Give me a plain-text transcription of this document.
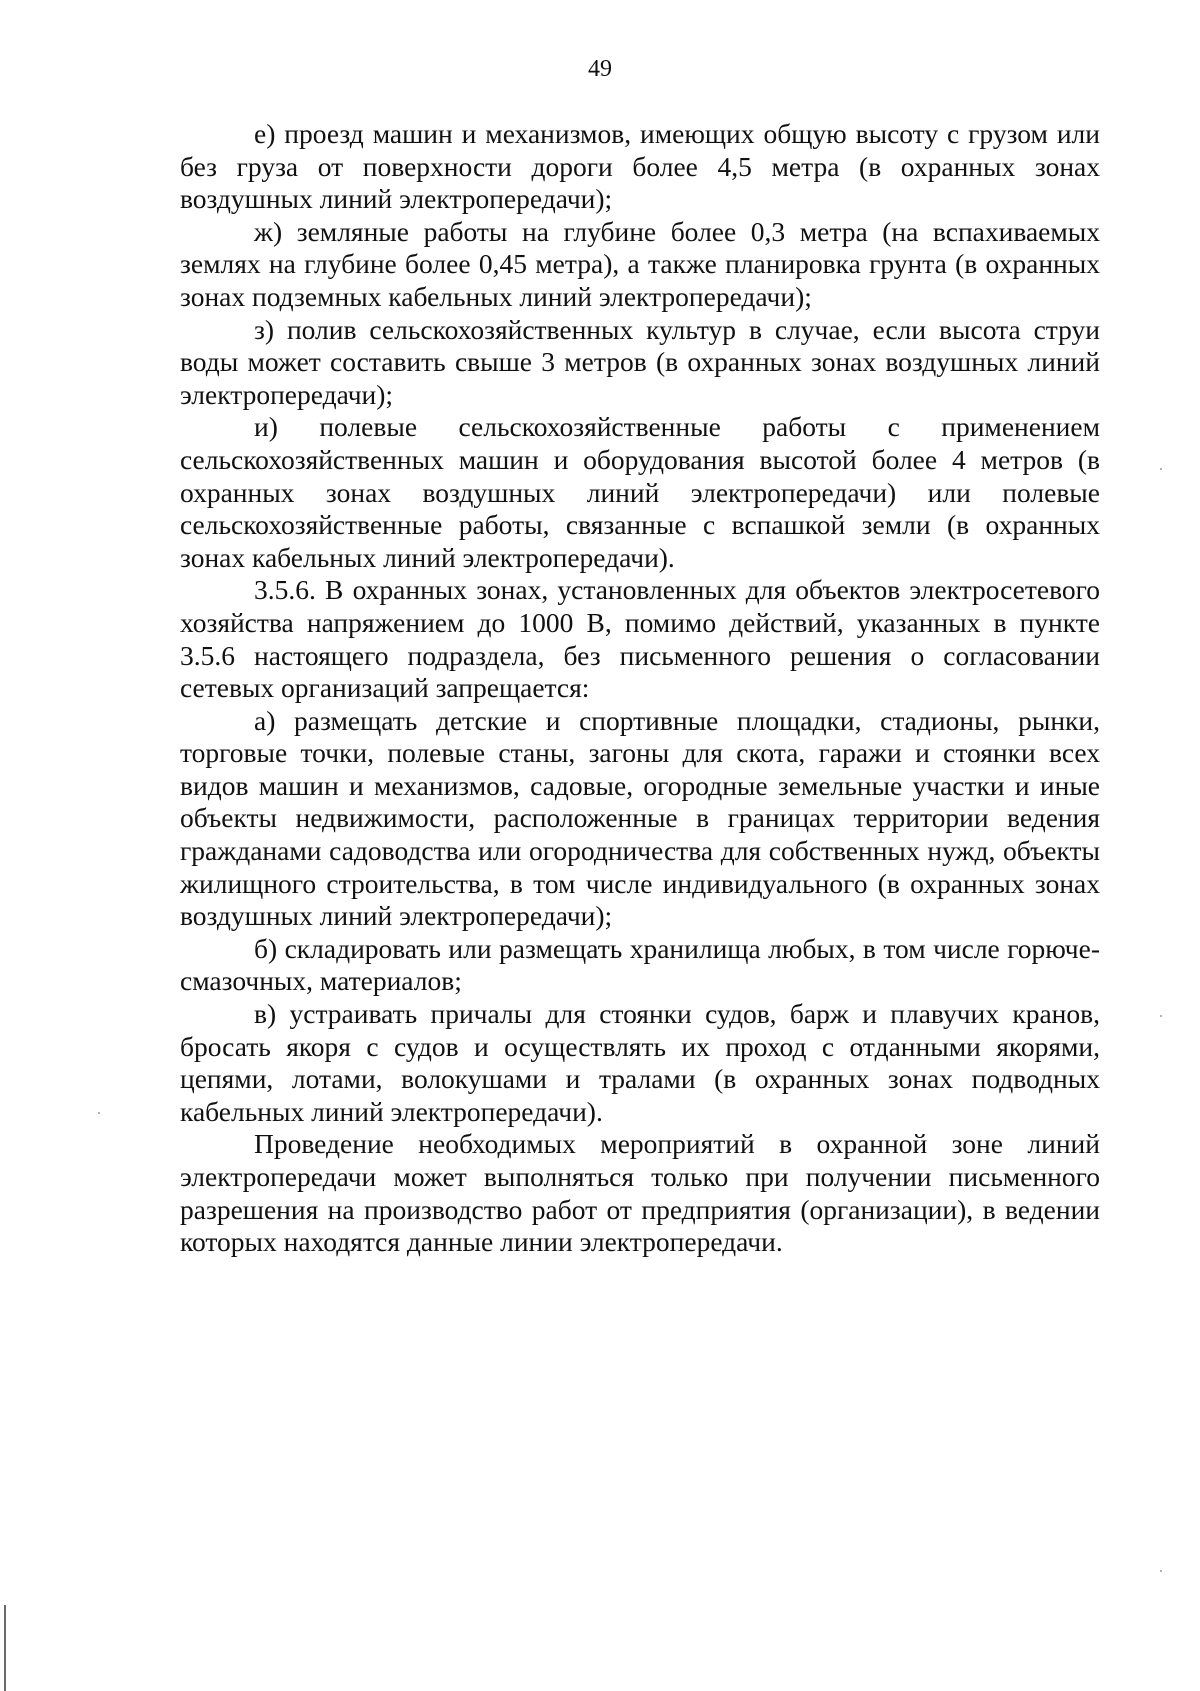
49

е) проезд машин и механизмов, имеющих общую высоту с грузом или без груза от поверхности дороги более 4,5 метра (в охранных зонах воздушных линий электропередачи);

ж) земляные работы на глубине более 0,3 метра (на вспахиваемых землях на глубине более 0,45 метра), а также планировка грунта (в охранных зонах подземных кабельных линий электропередачи);

з) полив сельскохозяйственных культур в случае, если высота струи воды может составить свыше 3 метров (в охранных зонах воздушных линий электропередачи);

и) полевые сельскохозяйственные работы с применением сельскохозяйственных машин и оборудования высотой более 4 метров (в охранных зонах воздушных линий электропередачи) или полевые сельскохозяйственные работы, связанные с вспашкой земли (в охранных зонах кабельных линий электропередачи).

3.5.6. В охранных зонах, установленных для объектов электросетевого хозяйства напряжением до 1000 В, помимо действий, указанных в пункте 3.5.6 настоящего подраздела, без письменного решения о согласовании сетевых организаций запрещается:

а) размещать детские и спортивные площадки, стадионы, рынки, торговые точки, полевые станы, загоны для скота, гаражи и стоянки всех видов машин и механизмов, садовые, огородные земельные участки и иные объекты недвижимости, расположенные в границах территории ведения гражданами садоводства или огородничества для собственных нужд, объекты жилищного строительства, в том числе индивидуального (в охранных зонах воздушных линий электропередачи);

б) складировать или размещать хранилища любых, в том числе горюче-смазочных, материалов;

в) устраивать причалы для стоянки судов, барж и плавучих кранов, бросать якоря с судов и осуществлять их проход с отданными якорями, цепями, лотами, волокушами и тралами (в охранных зонах подводных кабельных линий электропередачи).

Проведение необходимых мероприятий в охранной зоне линий электропередачи может выполняться только при получении письменного разрешения на производство работ от предприятия (организации), в ведении которых находятся данные линии электропередачи.
